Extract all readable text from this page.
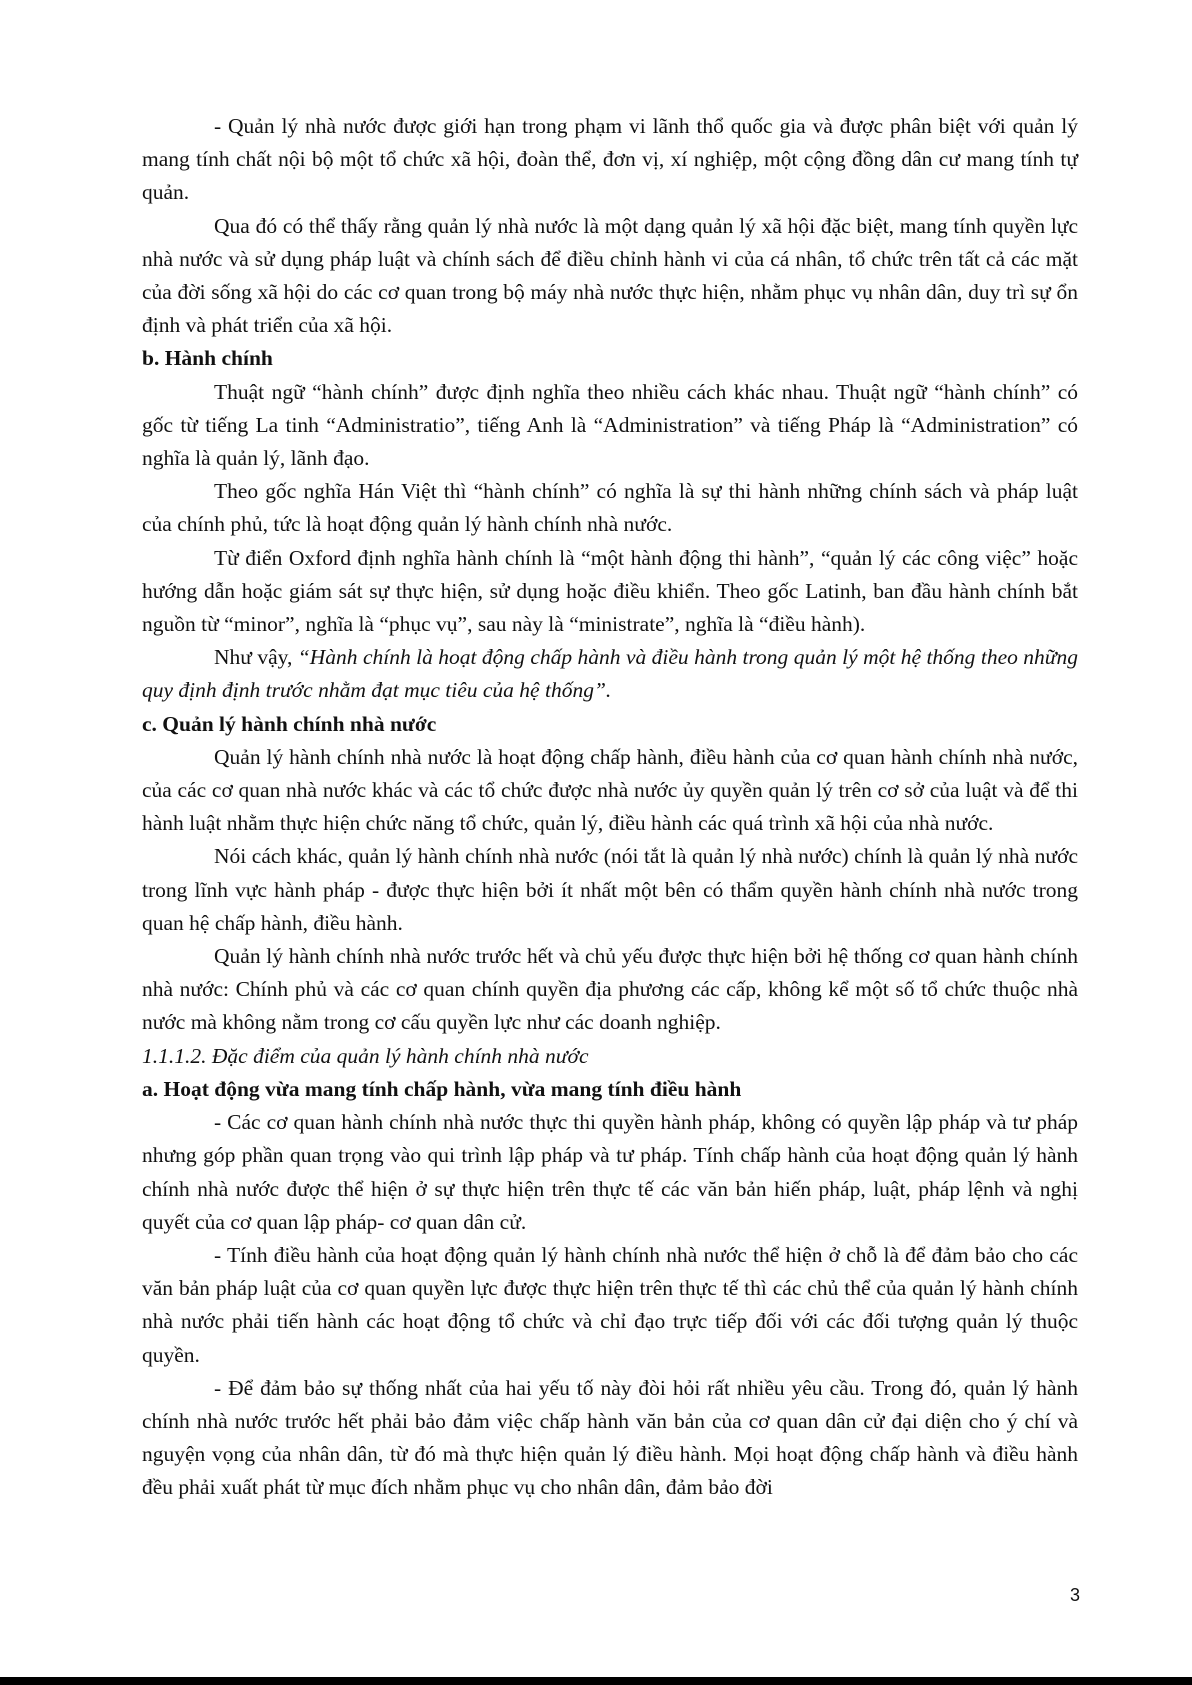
- Quản lý nhà nước được giới hạn trong phạm vi lãnh thổ quốc gia và được phân biệt với quản lý mang tính chất nội bộ một tổ chức xã hội, đoàn thể, đơn vị, xí nghiệp, một cộng đồng dân cư mang tính tự quản.

Qua đó có thể thấy rằng quản lý nhà nước là một dạng quản lý xã hội đặc biệt, mang tính quyền lực nhà nước và sử dụng pháp luật và chính sách để điều chỉnh hành vi của cá nhân, tổ chức trên tất cả các mặt của đời sống xã hội do các cơ quan trong bộ máy nhà nước thực hiện, nhằm phục vụ nhân dân, duy trì sự ổn định và phát triển của xã hội.

b. Hành chính

Thuật ngữ “hành chính” được định nghĩa theo nhiều cách khác nhau. Thuật ngữ “hành chính” có gốc từ tiếng La tinh “Administratio”, tiếng Anh là “Administration” và tiếng Pháp là “Administration” có nghĩa là quản lý, lãnh đạo.

Theo gốc nghĩa Hán Việt thì “hành chính” có nghĩa là sự thi hành những chính sách và pháp luật của chính phủ, tức là hoạt động quản lý hành chính nhà nước.

Từ điển Oxford định nghĩa hành chính là “một hành động thi hành”, “quản lý các công việc” hoặc hướng dẫn hoặc giám sát sự thực hiện, sử dụng hoặc điều khiển. Theo gốc Latinh, ban đầu hành chính bắt nguồn từ “minor”, nghĩa là “phục vụ”, sau này là “ministrate”, nghĩa là “điều hành).

Như vậy, “Hành chính là hoạt động chấp hành và điều hành trong quản lý một hệ thống theo những quy định định trước nhằm đạt mục tiêu của hệ thống”.

c. Quản lý hành chính nhà nước

Quản lý hành chính nhà nước là hoạt động chấp hành, điều hành của cơ quan hành chính nhà nước, của các cơ quan nhà nước khác và các tổ chức được nhà nước ủy quyền quản lý trên cơ sở của luật và để thi hành luật nhằm thực hiện chức năng tổ chức, quản lý, điều hành các quá trình xã hội của nhà nước.

Nói cách khác, quản lý hành chính nhà nước (nói tắt là quản lý nhà nước) chính là quản lý nhà nước trong lĩnh vực hành pháp - được thực hiện bởi ít nhất một bên có thẩm quyền hành chính nhà nước trong quan hệ chấp hành, điều hành.

Quản lý hành chính nhà nước trước hết và chủ yếu được thực hiện bởi hệ thống cơ quan hành chính nhà nước: Chính phủ và các cơ quan chính quyền địa phương các cấp, không kể một số tổ chức thuộc nhà nước mà không nằm trong cơ cấu quyền lực như các doanh nghiệp.

1.1.1.2. Đặc điểm của quản lý hành chính nhà nước

a. Hoạt động vừa mang tính chấp hành, vừa mang tính điều hành

- Các cơ quan hành chính nhà nước thực thi quyền hành pháp, không có quyền lập pháp và tư pháp nhưng góp phần quan trọng vào qui trình lập pháp và tư pháp. Tính chấp hành của hoạt động quản lý hành chính nhà nước được thể hiện ở sự thực hiện trên thực tế các văn bản hiến pháp, luật, pháp lệnh và nghị quyết của cơ quan lập pháp- cơ quan dân cử.

- Tính điều hành của hoạt động quản lý hành chính nhà nước thể hiện ở chỗ là để đảm bảo cho các văn bản pháp luật của cơ quan quyền lực được thực hiện trên thực tế thì các chủ thể của quản lý hành chính nhà nước phải tiến hành các hoạt động tổ chức và chỉ đạo trực tiếp đối với các đối tượng quản lý thuộc quyền.

- Để đảm bảo sự thống nhất của hai yếu tố này đòi hỏi rất nhiều yêu cầu. Trong đó, quản lý hành chính nhà nước trước hết phải bảo đảm việc chấp hành văn bản của cơ quan dân cử đại diện cho ý chí và nguyện vọng của nhân dân, từ đó mà thực hiện quản lý điều hành. Mọi hoạt động chấp hành và điều hành đều phải xuất phát từ mục đích nhằm phục vụ cho nhân dân, đảm bảo đời

3
